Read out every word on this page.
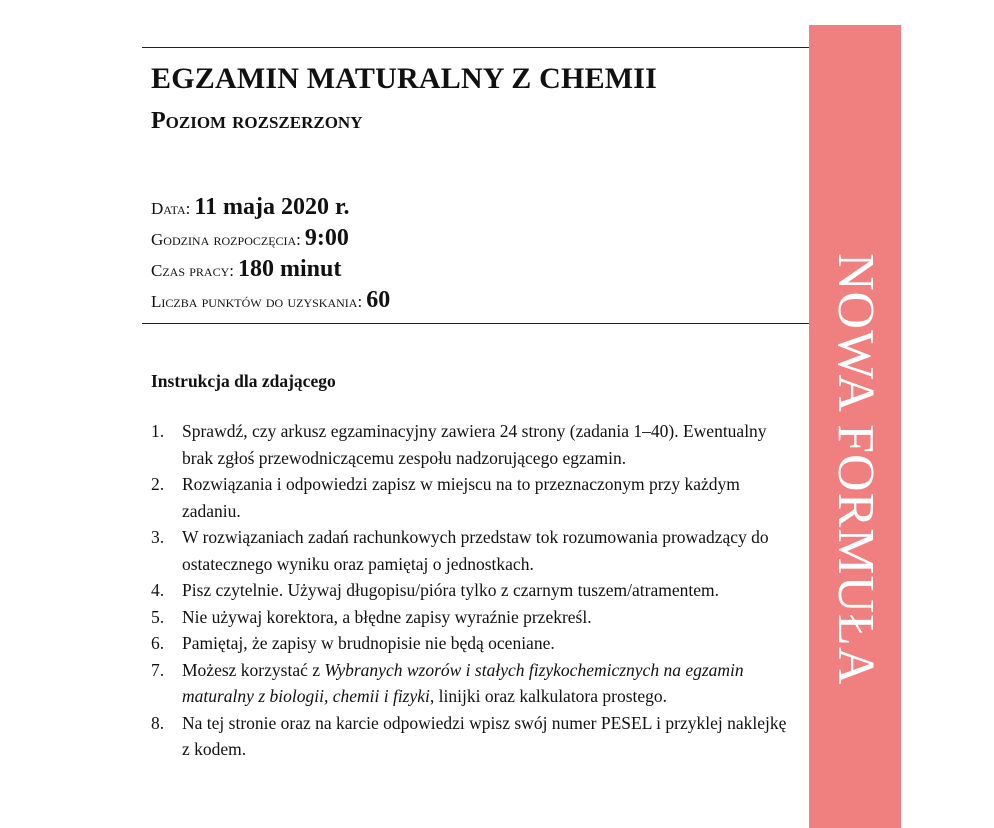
EGZAMIN MATURALNY Z CHEMII
Poziom rozszerzony
Data: 11 maja 2020 r.
Godzina rozpoczęcia: 9:00
Czas pracy: 180 minut
Liczba punktów do uzyskania: 60
Instrukcja dla zdającego
1. Sprawdź, czy arkusz egzaminacyjny zawiera 24 strony (zadania 1–40). Ewentualny brak zgłoś przewodniczącemu zespołu nadzorującego egzamin.
2. Rozwiązania i odpowiedzi zapisz w miejscu na to przeznaczonym przy każdym zadaniu.
3. W rozwiązaniach zadań rachunkowych przedstaw tok rozumowania prowadzący do ostatecznego wyniku oraz pamiętaj o jednostkach.
4. Pisz czytelnie. Używaj długopisu/pióra tylko z czarnym tuszem/atramentem.
5. Nie używaj korektora, a błędne zapisy wyraźnie przekreśl.
6. Pamiętaj, że zapisy w brudnopisie nie będą oceniane.
7. Możesz korzystać z Wybranych wzorów i stałych fizykochemicznych na egzamin maturalny z biologii, chemii i fizyki, linijki oraz kalkulatora prostego.
8. Na tej stronie oraz na karcie odpowiedzi wpisz swój numer PESEL i przyklej naklejkę z kodem.
NOWA FORMUŁA
